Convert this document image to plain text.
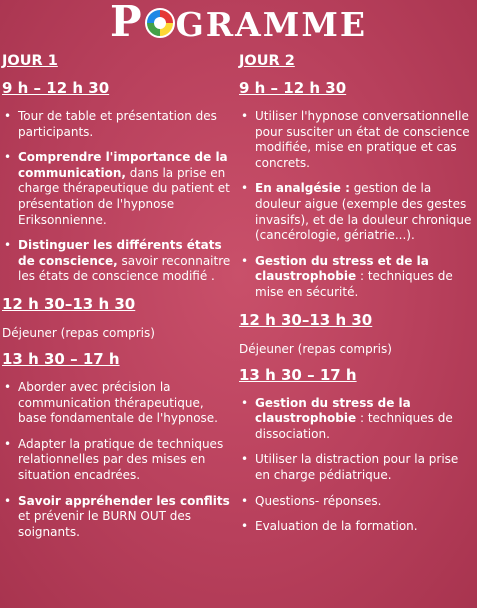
P GRAMME
JOUR 1
9 h – 12 h 30
• Tour de table et présentation des participants.
• Comprendre l'importance de la communication, dans la prise en charge thérapeutique du patient et présentation de l'hypnose Eriksonnienne.
• Distinguer les différents états de conscience, savoir reconnaitre les états de conscience modifié .
12 h 30–13 h 30
Déjeuner (repas compris)
13 h 30 – 17 h
• Aborder avec précision la communication thérapeutique, base fondamentale de l'hypnose.
• Adapter la pratique de techniques relationnelles par des mises en situation encadrées.
• Savoir appréhender les conflits et prévenir le BURN OUT des soignants.
JOUR 2
9 h – 12 h 30
• Utiliser l'hypnose conversationnelle pour susciter un état de conscience modifiée, mise en pratique et cas concrets.
• En analgésie : gestion de la douleur aigue (exemple des gestes invasifs), et de la douleur chronique (cancérologie, gériatrie...).
• Gestion du stress et de la claustrophobie : techniques de mise en sécurité.
12 h 30–13 h 30
Déjeuner (repas compris)
13 h 30 – 17 h
• Gestion du stress de la claustrophobie : techniques de dissociation.
• Utiliser la distraction pour la prise en charge pédiatrique.
• Questions- réponses.
• Evaluation de la formation.
